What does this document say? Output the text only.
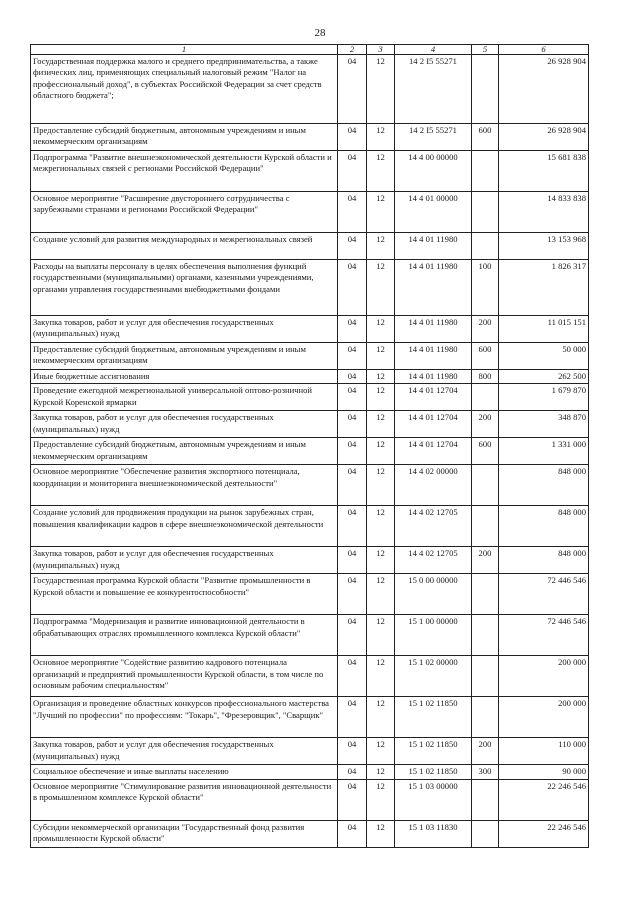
28
1	2	3	4	5	6
Государственная поддержка малого и среднего предпринимательства, а также физических лиц, применяющих специальный налоговый режим "Налог на профессиональный доход", в субъектах Российской Федерации за счет средств областного бюджета";	04	12	14 2 I5 55271		26 928 904
Предоставление субсидий бюджетным, автономным учреждениям и иным некоммерческим организациям	04	12	14 2 I5 55271	600	26 928 904
Подпрограмма "Развитие внешнеэкономической деятельности Курской области и межрегиональных связей с регионами Российской Федерации"	04	12	14 4 00 00000		15 681 838
Основное мероприятие "Расширение двустороннего сотрудничества с зарубежными странами и регионами Российской Федерации"	04	12	14 4 01 00000		14 833 838
Создание условий для развития международных и межрегиональных связей	04	12	14 4 01 11980		13 153 968
Расходы на выплаты персоналу в целях обеспечения выполнения функций государственными (муниципальными) органами, казенными учреждениями, органами управления государственными внебюджетными фондами	04	12	14 4 01 11980	100	1 826 317
Закупка товаров, работ и услуг для обеспечения государственных (муниципальных) нужд	04	12	14 4 01 11980	200	11 015 151
Предоставление субсидий бюджетным, автономным учреждениям и иным некоммерческим организациям	04	12	14 4 01 11980	600	50 000
Иные бюджетные ассигнования	04	12	14 4 01 11980	800	262 500
Проведение ежегодной межрегиональной универсальной оптово-розничной Курской Коренской ярмарки	04	12	14 4 01 12704		1 679 870
Закупка товаров, работ и услуг для обеспечения государственных (муниципальных) нужд	04	12	14 4 01 12704	200	348 870
Предоставление субсидий бюджетным, автономным учреждениям и иным некоммерческим организациям	04	12	14 4 01 12704	600	1 331 000
Основное мероприятие "Обеспечение развития экспортного потенциала, координации и мониторинга внешнеэкономической деятельности"	04	12	14 4 02 00000		848 000
Создание условий для продвижения продукции на рынок зарубежных стран, повышения квалификации кадров в сфере внешнеэкономической деятельности	04	12	14 4 02 12705		848 000
Закупка товаров, работ и услуг для обеспечения государственных (муниципальных) нужд	04	12	14 4 02 12705	200	848 000
Государственная программа Курской области "Развитие промышленности в Курской области и повышение ее конкурентоспособности"	04	12	15 0 00 00000		72 446 546
Подпрограмма "Модернизация и развитие инновационной деятельности в обрабатывающих отраслях промышленного комплекса Курской области"	04	12	15 1 00 00000		72 446 546
Основное мероприятие "Содействие развитию кадрового потенциала организаций и предприятий промышленности Курской области, в том числе по основным рабочим специальностям"	04	12	15 1 02 00000		200 000
Организация и проведение областных конкурсов профессионального мастерства "Лучший по профессии" по профессиям: "Токарь", "Фрезеровщик", "Сварщик"	04	12	15 1 02 11850		200 000
Закупка товаров, работ и услуг для обеспечения государственных (муниципальных) нужд	04	12	15 1 02 11850	200	110 000
Социальное обеспечение и иные выплаты населению	04	12	15 1 02 11850	300	90 000
Основное мероприятие "Стимулирование развития инновационной деятельности в промышленном комплексе Курской области"	04	12	15 1 03 00000		22 246 546
Субсидии некоммерческой организации "Государственный фонд развития промышленности Курской области"	04	12	15 1 03 11830		22 246 546
